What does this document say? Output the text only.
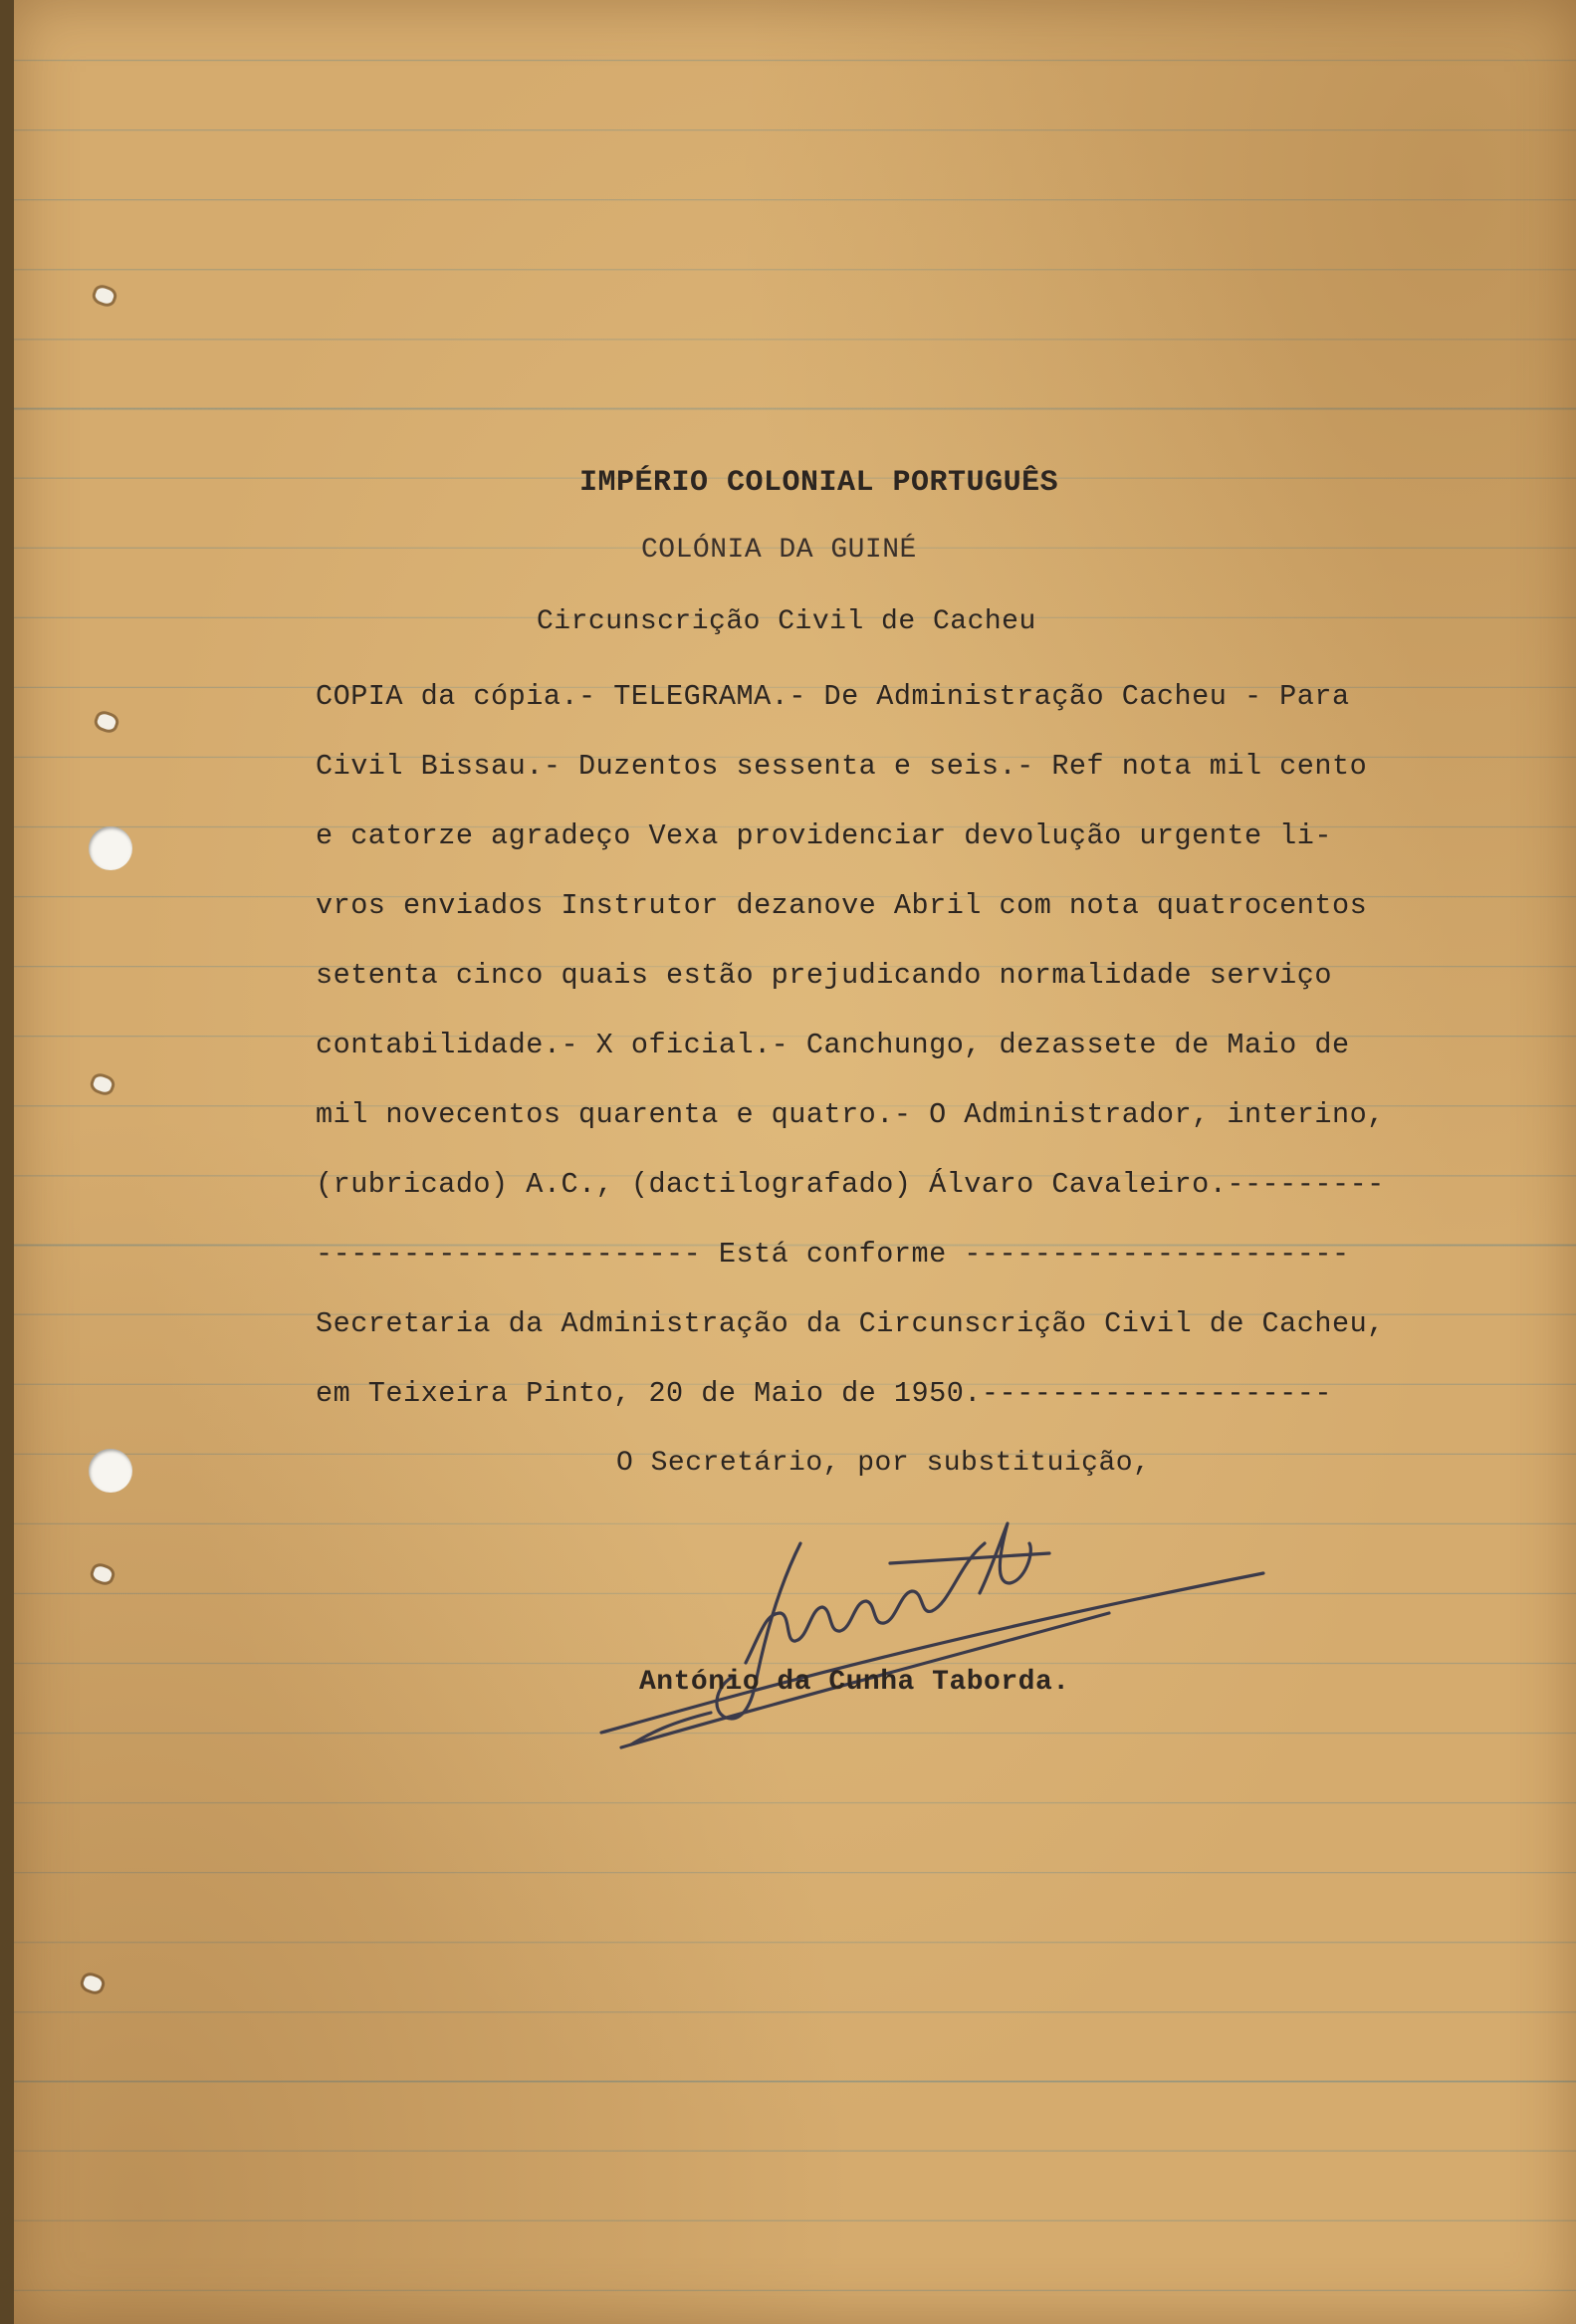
IMPÉRIO COLONIAL PORTUGUÊS
COLÓNIA DA GUINÉ
Circunscrição Civil de Cacheu
COPIA da cópia.- TELEGRAMA.- De Administração Cacheu - Para
Civil Bissau.- Duzentos sessenta e seis.- Ref nota mil cento
e catorze agradeço Vexa providenciar devolução urgente li-
vros enviados Instrutor dezanove Abril com nota quatrocentos
setenta cinco quais estão prejudicando normalidade serviço
contabilidade.- X oficial.- Canchungo, dezassete de Maio de
mil novecentos quarenta e quatro.- O Administrador, interino,
(rubricado) A.C., (dactilografado) Álvaro Cavaleiro.---------
---------------------- Está conforme ----------------------
Secretaria da Administração da Circunscrição Civil de Cacheu,
em Teixeira Pinto, 20 de Maio de 1950.--------------------
O Secretário, por substituição,
António da Cunha Taborda.
